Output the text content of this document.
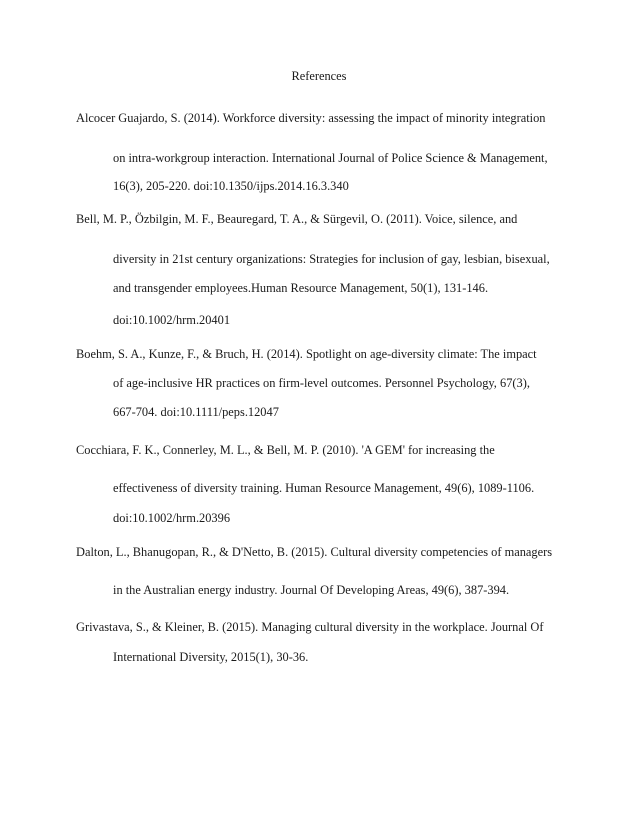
References

Alcocer Guajardo, S. (2014). Workforce diversity: assessing the impact of minority integration

on intra-workgroup interaction. International Journal of Police Science & Management,

16(3), 205-220. doi:10.1350/ijps.2014.16.3.340

Bell, M. P., Özbilgin, M. F., Beauregard, T. A., & Sürgevil, O. (2011). Voice, silence, and

diversity in 21st century organizations: Strategies for inclusion of gay, lesbian, bisexual,

and transgender employees.Human Resource Management, 50(1), 131-146.

doi:10.1002/hrm.20401

Boehm, S. A., Kunze, F., & Bruch, H. (2014). Spotlight on age-diversity climate: The impact

of age-inclusive HR practices on firm-level outcomes. Personnel Psychology, 67(3),

667-704. doi:10.1111/peps.12047

Cocchiara, F. K., Connerley, M. L., & Bell, M. P. (2010). 'A GEM' for increasing the

effectiveness of diversity training. Human Resource Management, 49(6), 1089-1106.

doi:10.1002/hrm.20396

Dalton, L., Bhanugopan, R., & D'Netto, B. (2015). Cultural diversity competencies of managers

in the Australian energy industry. Journal Of Developing Areas, 49(6), 387-394.

Grivastava, S., & Kleiner, B. (2015). Managing cultural diversity in the workplace. Journal Of

International Diversity, 2015(1), 30-36.
